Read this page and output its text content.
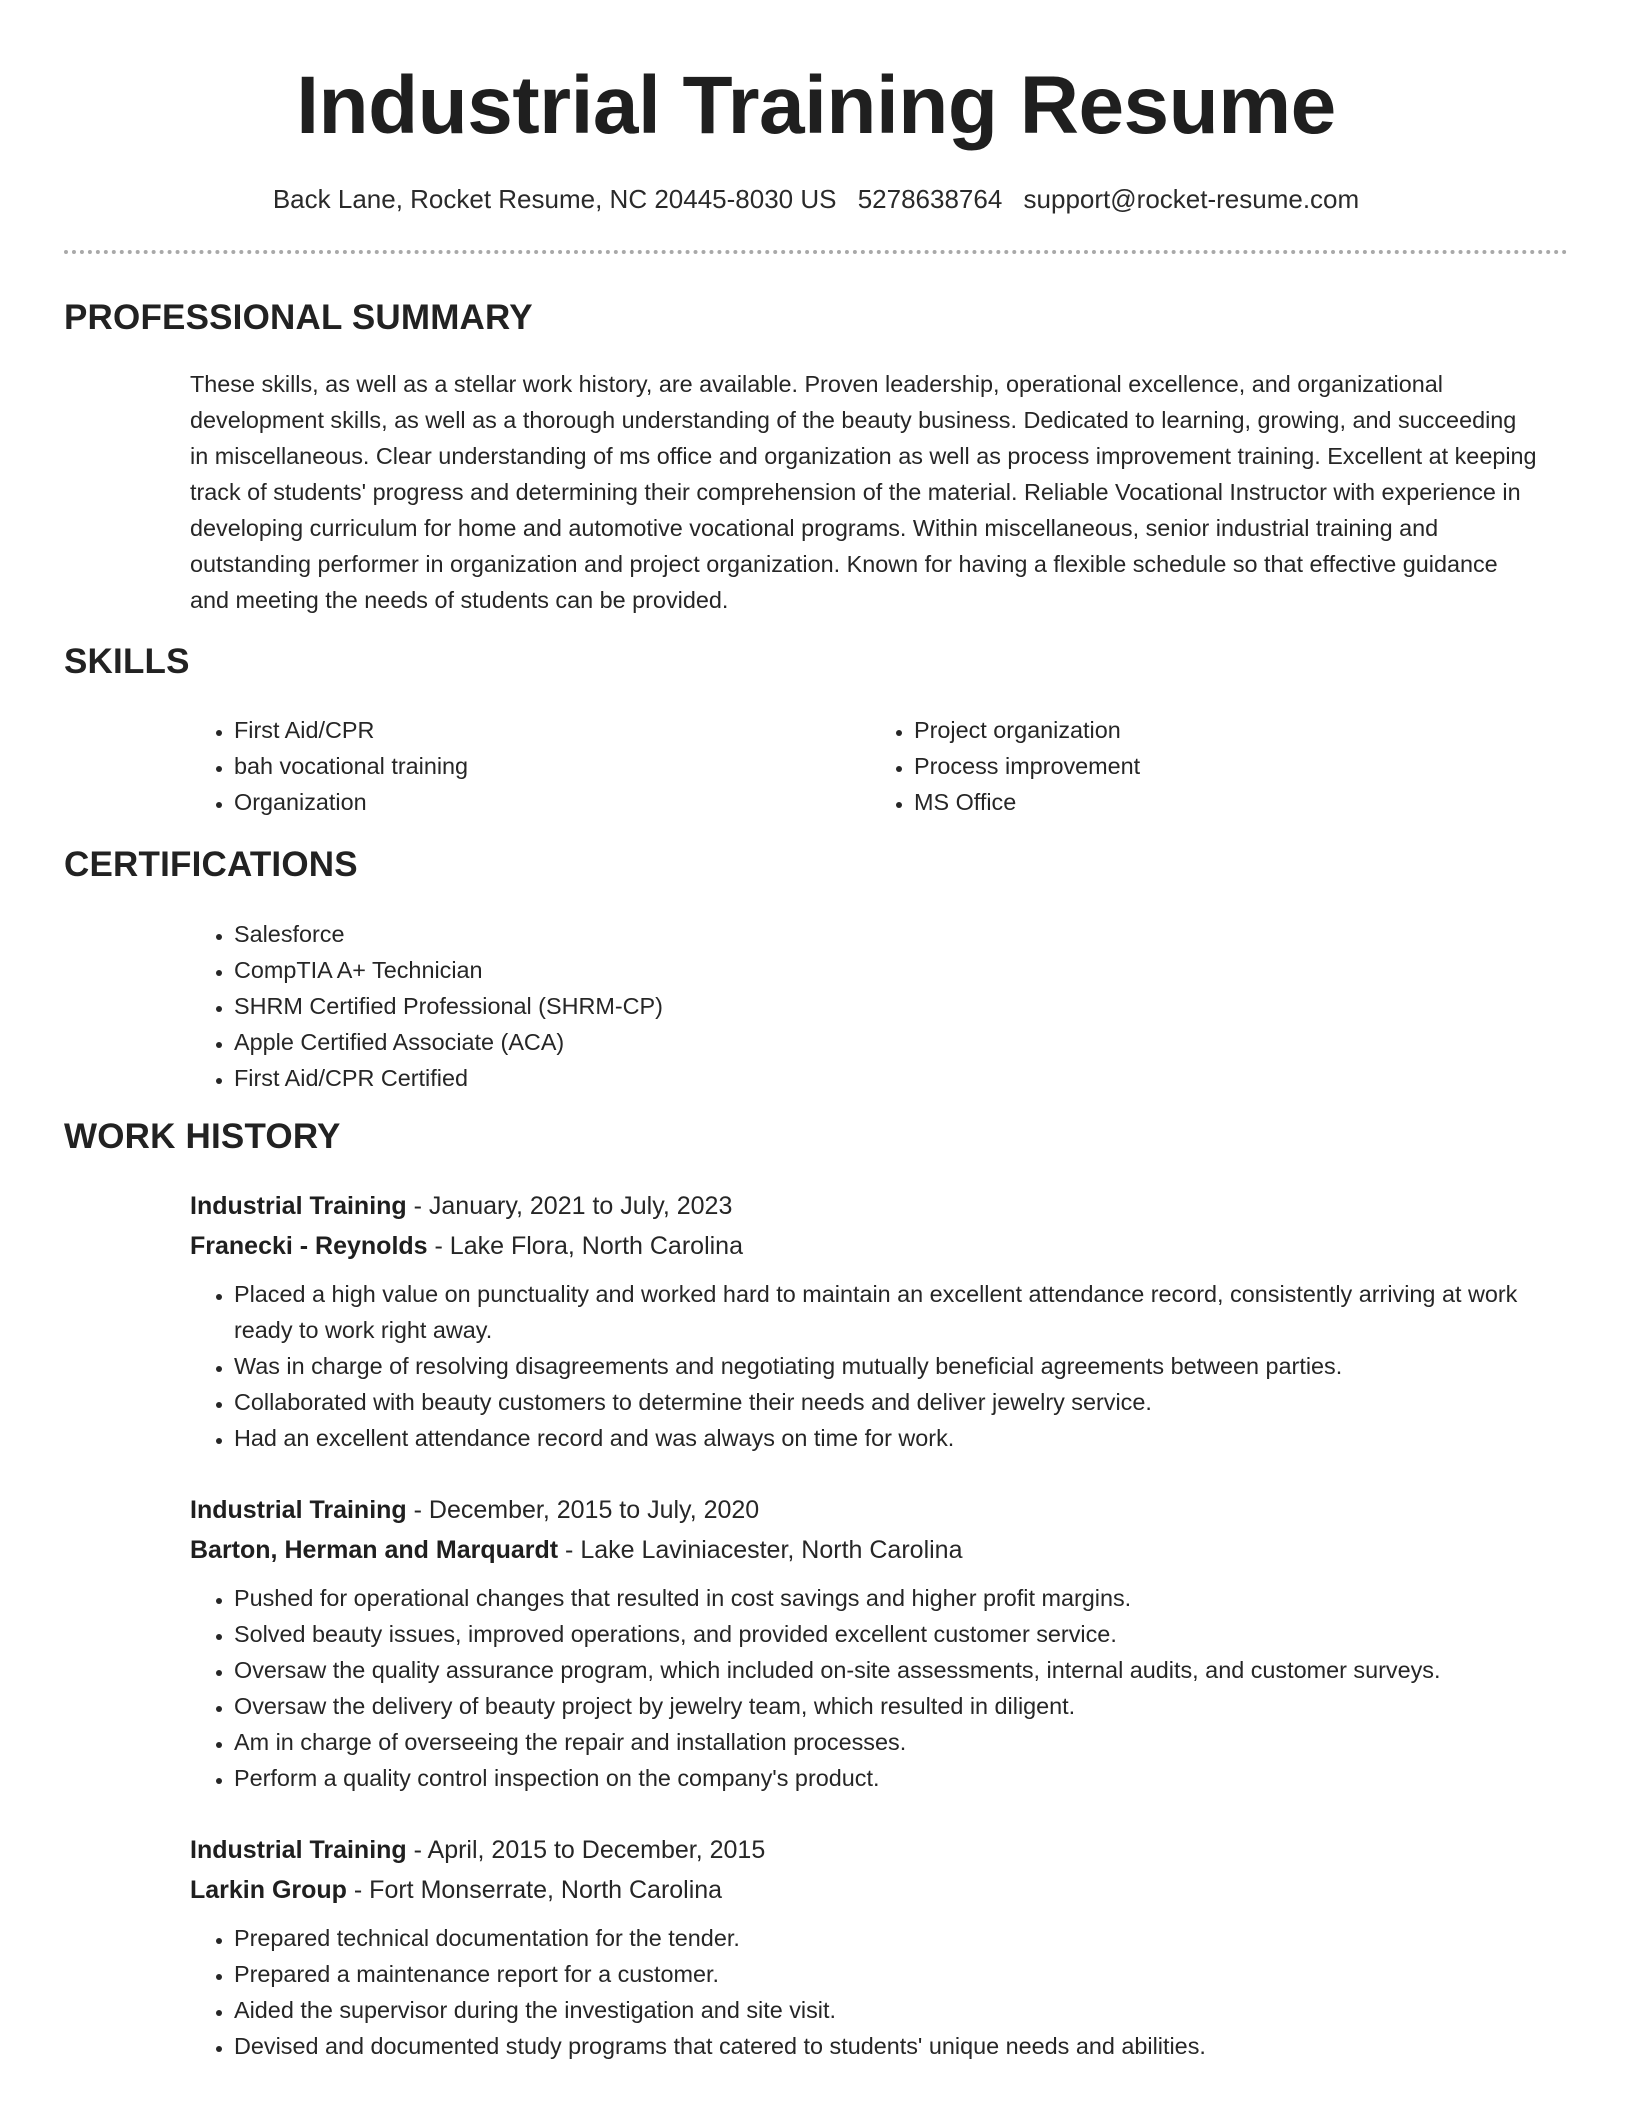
Industrial Training Resume
Back Lane, Rocket Resume, NC 20445-8030 US 5278638764 support@rocket-resume.com
PROFESSIONAL SUMMARY

These skills, as well as a stellar work history, are available. Proven leadership, operational excellence, and organizational development skills, as well as a thorough understanding of the beauty business. Dedicated to learning, growing, and succeeding in miscellaneous. Clear understanding of ms office and organization as well as process improvement training. Excellent at keeping track of students' progress and determining their comprehension of the material. Reliable Vocational Instructor with experience in developing curriculum for home and automotive vocational programs. Within miscellaneous, senior industrial training and outstanding performer in organization and project organization. Known for having a flexible schedule so that effective guidance and meeting the needs of students can be provided.

SKILLS
• First Aid/CPR
• bah vocational training
• Organization
• Project organization
• Process improvement
• MS Office
CERTIFICATIONS
• Salesforce
• CompTIA A+ Technician
• SHRM Certified Professional (SHRM-CP)
• Apple Certified Associate (ACA)
• First Aid/CPR Certified
WORK HISTORY
Industrial Training - January, 2021 to July, 2023
Franecki - Reynolds - Lake Flora, North Carolina
• Placed a high value on punctuality and worked hard to maintain an excellent attendance record, consistently arriving at work ready to work right away.
• Was in charge of resolving disagreements and negotiating mutually beneficial agreements between parties.
• Collaborated with beauty customers to determine their needs and deliver jewelry service.
• Had an excellent attendance record and was always on time for work.
Industrial Training - December, 2015 to July, 2020
Barton, Herman and Marquardt - Lake Laviniacester, North Carolina
• Pushed for operational changes that resulted in cost savings and higher profit margins.
• Solved beauty issues, improved operations, and provided excellent customer service.
• Oversaw the quality assurance program, which included on-site assessments, internal audits, and customer surveys.
• Oversaw the delivery of beauty project by jewelry team, which resulted in diligent.
• Am in charge of overseeing the repair and installation processes.
• Perform a quality control inspection on the company's product.
Industrial Training - April, 2015 to December, 2015
Larkin Group - Fort Monserrate, North Carolina
• Prepared technical documentation for the tender.
• Prepared a maintenance report for a customer.
• Aided the supervisor during the investigation and site visit.
• Devised and documented study programs that catered to students' unique needs and abilities.
